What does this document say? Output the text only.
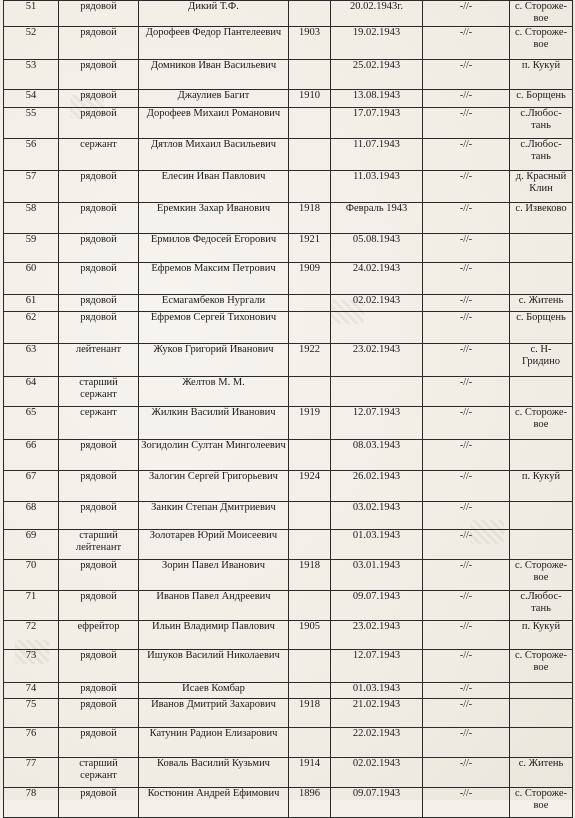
51	рядовой	Дикий Т.Ф.		20.02.1943г.	-//-	с. Стороже-вое
52	рядовой	Дорофеев Федор Пантелеевич	1903	19.02.1943	-//-	с. Стороже-вое
53	рядовой	Домников Иван Васильевич		25.02.1943	-//-	п. Кукуй
54	рядовой	Джаулиев Багит	1910	13.08.1943	-//-	с. Борщень
55	рядовой	Дорофеев Михаил Романович		17.07.1943	-//-	с.Любос-тань
56	сержант	Дятлов Михаил Васильевич		11.07.1943	-//-	с.Любос-тань
57	рядовой	Елесин Иван Павлович		11.03.1943	-//-	д. Красный Клин
58	рядовой	Еремкин Захар Иванович	1918	Февраль 1943	-//-	с. Извеково
59	рядовой	Ермилов Федосей Егорович	1921	05.08.1943	-//-	
60	рядовой	Ефремов Максим Петрович	1909	24.02.1943	-//-	
61	рядовой	Есмагамбеков Нургали		02.02.1943	-//-	с. Житень
62	рядовой	Ефремов Сергей Тихонович			-//-	с. Борщень
63	лейтенант	Жуков Григорий Иванович	1922	23.02.1943	-//-	с. Н-Гридино
64	старший сержант	Желтов М. М.			-//-	
65	сержант	Жилкин Василий Иванович	1919	12.07.1943	-//-	с. Стороже-вое
66	рядовой	Зогидолин Султан Минголеевич		08.03.1943	-//-	
67	рядовой	Залогин Сергей Григорьевич	1924	26.02.1943	-//-	п. Кукуй
68	рядовой	Занкин Степан Дмитриевич		03.02.1943	-//-	
69	старший лейтенант	Золотарев Юрий Моисеевич		01.03.1943	-//-	
70	рядовой	Зорин Павел Иванович	1918	03.01.1943	-//-	с. Стороже-вое
71	рядовой	Иванов Павел Андреевич		09.07.1943	-//-	с.Любос-тань
72	ефрейтор	Ильин Владимир Павлович	1905	23.02.1943	-//-	п. Кукуй
73	рядовой	Ишуков Василий Николаевич		12.07.1943	-//-	с. Стороже-вое
74	рядовой	Исаев Комбар		01.03.1943	-//-	
75	рядовой	Иванов Дмитрий Захарович	1918	21.02.1943	-//-	
76	рядовой	Катунин Радион Елизарович		22.02.1943	-//-	
77	старший сержант	Коваль Василий Кузьмич	1914	02.02.1943	-//-	с. Житень
78	рядовой	Костюнин Андрей Ефимович	1896	09.07.1943	-//-	с. Стороже-вое
